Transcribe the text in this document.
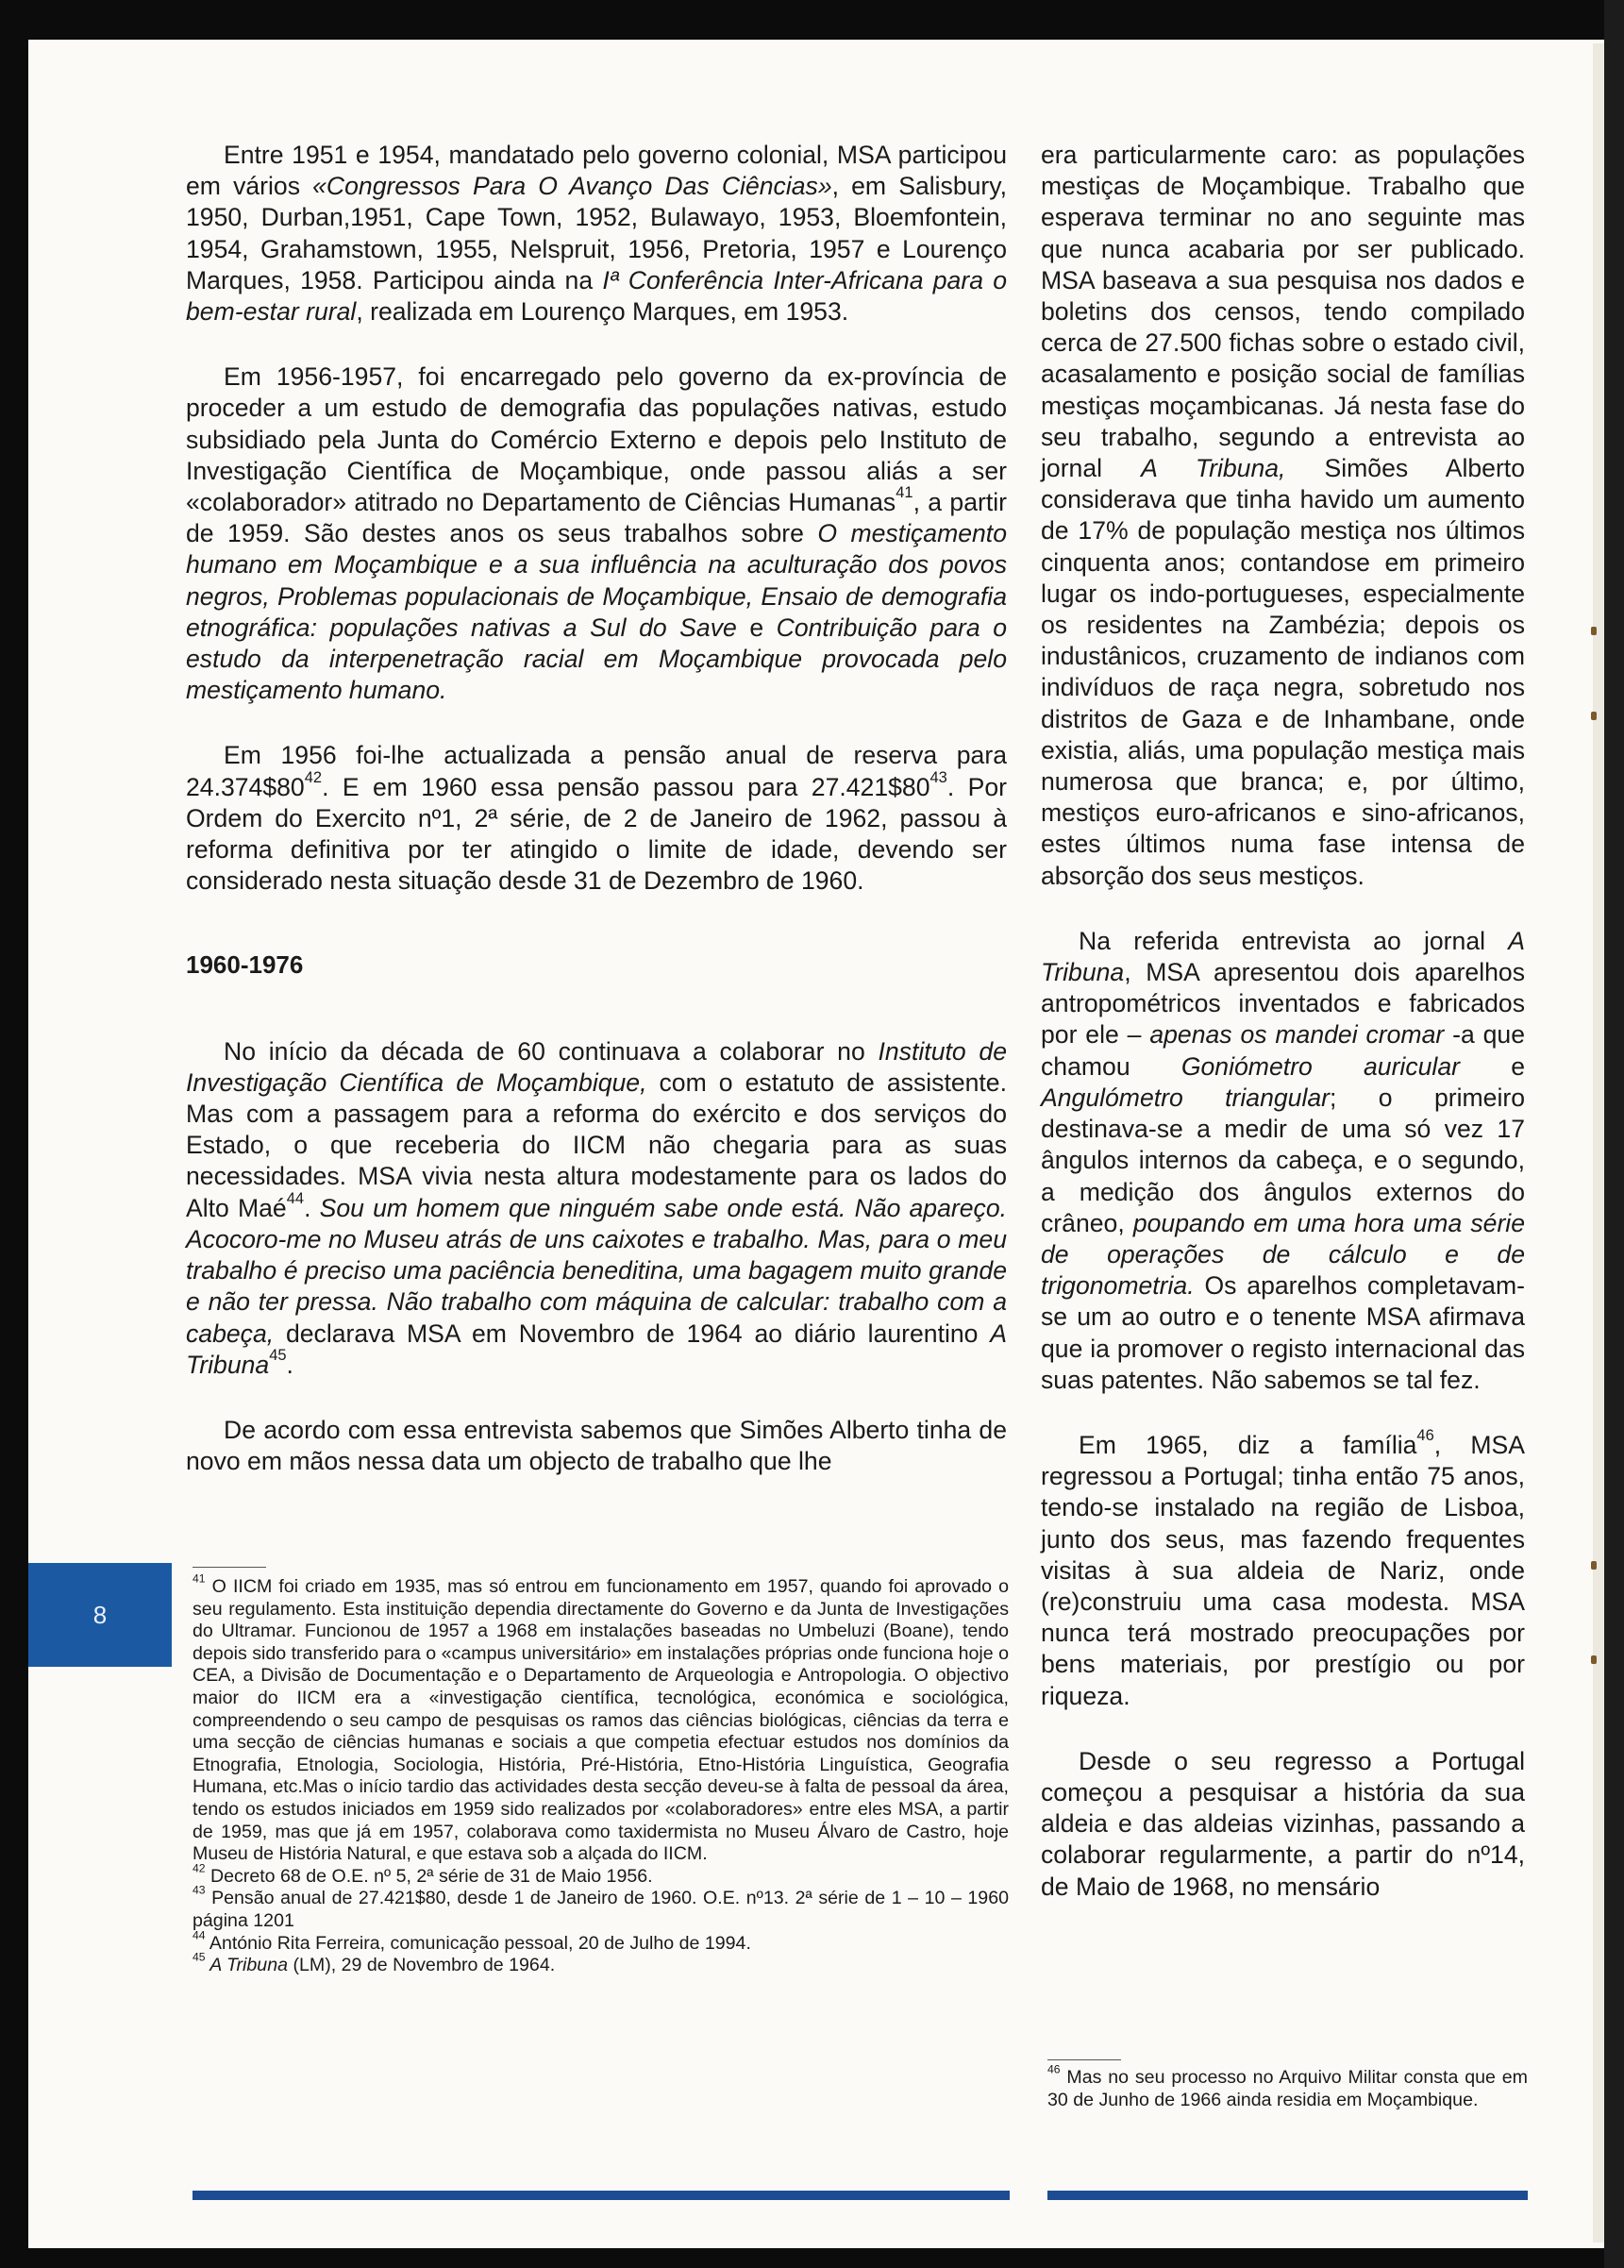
8

Entre 1951 e 1954, mandatado pelo governo colonial, MSA participou em vários «Congressos Para O Avanço Das Ciências», em Salisbury, 1950, Durban,1951, Cape Town, 1952, Bulawayo, 1953, Bloemfontein, 1954, Grahamstown, 1955, Nelspruit, 1956, Pretoria, 1957 e Lourenço Marques, 1958. Participou ainda na Iª Conferência Inter-Africana para o bem-estar rural, realizada em Lourenço Marques, em 1953.

Em 1956-1957, foi encarregado pelo governo da ex-província de proceder a um estudo de demografia das populações nativas, estudo subsidiado pela Junta do Comércio Externo e depois pelo Instituto de Investigação Científica de Moçambique, onde passou aliás a ser «colaborador» atitrado no Departamento de Ciências Humanas$^{41}$, a partir de 1959. São destes anos os seus trabalhos sobre O mestiçamento humano em Moçambique e a sua influência na aculturação dos povos negros, Problemas populacionais de Moçambique, Ensaio de demografia etnográfica: populações nativas a Sul do Save e Contribuição para o estudo da interpenetração racial em Moçambique provocada pelo mestiçamento humano.

Em 1956 foi-lhe actualizada a pensão anual de reserva para $24.374\$80^{42}$. E em 1960 essa pensão passou para $27.421\$80^{43}$. Por Ordem do Exercito nº1, 2ª série, de 2 de Janeiro de 1962, passou à reforma definitiva por ter atingido o limite de idade, devendo ser considerado nesta situação desde 31 de Dezembro de 1960.

1960-1976

No início da década de 60 continuava a colaborar no Instituto de Investigação Científica de Moçambique, com o estatuto de assistente. Mas com a passagem para a reforma do exército e dos serviços do Estado, o que receberia do IICM não chegaria para as suas necessidades. MSA vivia nesta altura modestamente para os lados do Alto Maé$^{44}$. Sou um homem que ninguém sabe onde está. Não apareço. Acocoro-me no Museu atrás de uns caixotes e trabalho. Mas, para o meu trabalho é preciso uma paciência beneditina, uma bagagem muito grande e não ter pressa. Não trabalho com máquina de calcular: trabalho com a cabeça, declarava MSA em Novembro de 1964 ao diário laurentino A Tribuna$^{45}$.

De acordo com essa entrevista sabemos que Simões Alberto tinha de novo em mãos nessa data um objecto de trabalho que lhe

era particularmente caro: as populações mestiças de Moçambique. Trabalho que esperava terminar no ano seguinte mas que nunca acabaria por ser publicado. MSA baseava a sua pesquisa nos dados e boletins dos censos, tendo compilado cerca de 27.500 fichas sobre o estado civil, acasalamento e posição social de famílias mestiças moçambicanas. Já nesta fase do seu trabalho, segundo a entrevista ao jornal A Tribuna, Simões Alberto considerava que tinha havido um aumento de 17% de população mestiça nos últimos cinquenta anos; contandose em primeiro lugar os indo-portugueses, especialmente os residentes na Zambézia; depois os industânicos, cruzamento de indianos com indivíduos de raça negra, sobretudo nos distritos de Gaza e de Inhambane, onde existia, aliás, uma população mestiça mais numerosa que branca; e, por último, mestiços euro-africanos e sino-africanos, estes últimos numa fase intensa de absorção dos seus mestiços.

Na referida entrevista ao jornal A Tribuna, MSA apresentou dois aparelhos antropométricos inventados e fabricados por ele – apenas os mandei cromar -a que chamou Goniómetro auricular e Angulómetro triangular; o primeiro destinava-se a medir de uma só vez 17 ângulos internos da cabeça, e o segundo, a medição dos ângulos externos do crâneo, poupando em uma hora uma série de operações de cálculo e de trigonometria. Os aparelhos completavam-se um ao outro e o tenente MSA afirmava que ia promover o registo internacional das suas patentes. Não sabemos se tal fez.

Em 1965, diz a família$^{46}$, MSA regressou a Portugal; tinha então 75 anos, tendo-se instalado na região de Lisboa, junto dos seus, mas fazendo frequentes visitas à sua aldeia de Nariz, onde (re)construiu uma casa modesta. MSA nunca terá mostrado preocupações por bens materiais, por prestígio ou por riqueza.

Desde o seu regresso a Portugal começou a pesquisar a história da sua aldeia e das aldeias vizinhas, passando a colaborar regularmente, a partir do nº14, de Maio de 1968, no mensário

$^{41}$ O IICM foi criado em 1935, mas só entrou em funcionamento em 1957, quando foi aprovado o seu regulamento. Esta instituição dependia directamente do Governo e da Junta de Investigações do Ultramar. Funcionou de 1957 a 1968 em instalações baseadas no Umbeluzi (Boane), tendo depois sido transferido para o «campus universitário» em instalações próprias onde funciona hoje o CEA, a Divisão de Documentação e o Departamento de Arqueologia e Antropologia. O objectivo maior do IICM era a «investigação científica, tecnológica, económica e sociológica, compreendendo o seu campo de pesquisas os ramos das ciências biológicas, ciências da terra e uma secção de ciências humanas e sociais a que competia efectuar estudos nos domínios da Etnografia, Etnologia, Sociologia, História, Pré-História, Etno-História Linguística, Geografia Humana, etc.Mas o início tardio das actividades desta secção deveu-se à falta de pessoal da área, tendo os estudos iniciados em 1959 sido realizados por «colaboradores» entre eles MSA, a partir de 1959, mas que já em 1957, colaborava como taxidermista no Museu Álvaro de Castro, hoje Museu de História Natural, e que estava sob a alçada do IICM.

$^{42}$ Decreto 68 de O.E. nº 5, 2ª série de 31 de Maio 1956.

$^{43}$ Pensão anual de 27.421$80, desde 1 de Janeiro de 1960. O.E. nº13. 2ª série de 1 – 10 – 1960 página 1201

$^{44}$ António Rita Ferreira, comunicação pessoal, 20 de Julho de 1994.

$^{45}$ A Tribuna (LM), 29 de Novembro de 1964.

$^{46}$ Mas no seu processo no Arquivo Militar consta que em 30 de Junho de 1966 ainda residia em Moçambique.
